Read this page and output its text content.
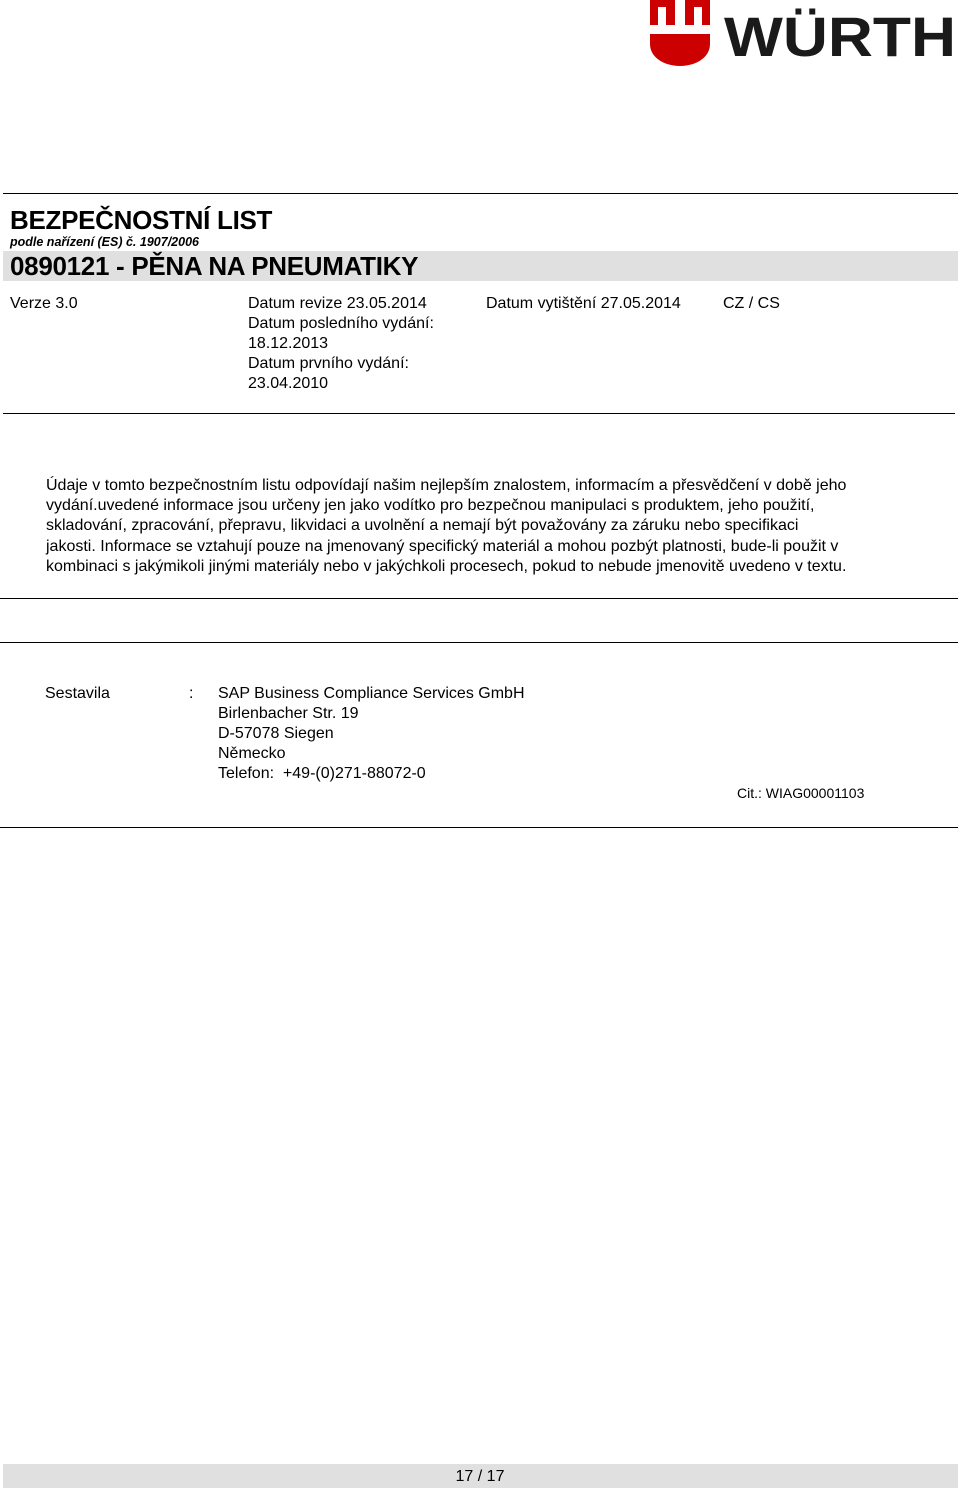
WÜRTH
BEZPEČNOSTNÍ LIST
podle nařízení (ES) č. 1907/2006
0890121 - PĚNA NA PNEUMATIKY
Verze 3.0	Datum revize 23.05.2014
Datum posledního vydání:
18.12.2013
Datum prvního vydání:
23.04.2010
Datum vytištění 27.05.2014	CZ / CS
Údaje v tomto bezpečnostním listu odpovídají našim nejlepším znalostem, informacím a přesvědčení v době jeho
vydání.uvedené informace jsou určeny jen jako vodítko pro bezpečnou manipulaci s produktem, jeho použití,
skladování, zpracování, přepravu, likvidaci a uvolnění a nemají být považovány za záruku nebo specifikaci
jakosti. Informace se vztahují pouze na jmenovaný specifický materiál a mohou pozbýt platnosti, bude-li použit v
kombinaci s jakýmikoli jinými materiály nebo v jakýchkoli procesech, pokud to nebude jmenovitě uvedeno v textu.
Sestavila	: SAP Business Compliance Services GmbH
Birlenbacher Str. 19
D-57078 Siegen
Německo
Telefon:  +49-(0)271-88072-0
Cit.: WIAG00001103
17 / 17
